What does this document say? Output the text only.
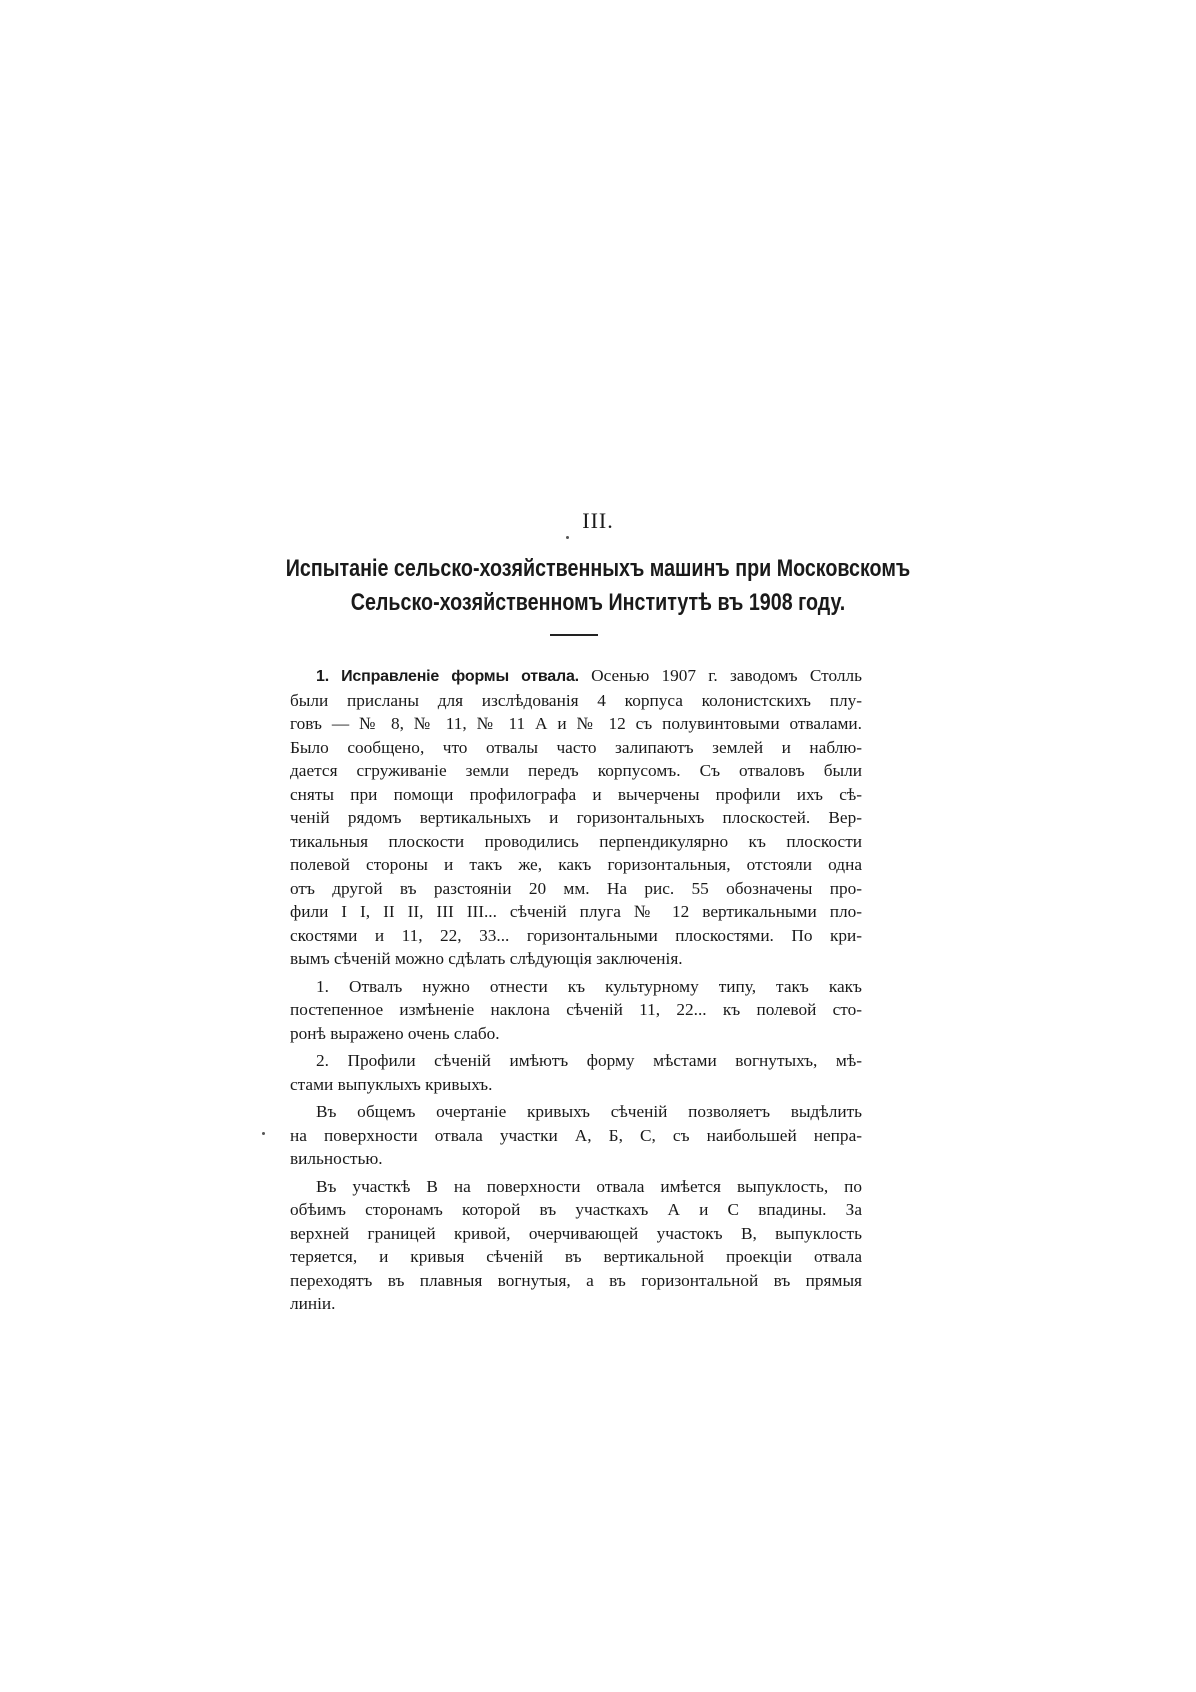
III.
Испытаніе сельско-хозяйственныхъ машинъ при Московскомъ
Сельско-хозяйственномъ Институтѣ въ 1908 году.
1. Исправленіе формы отвала. Осенью 1907 г. заводомъ Столль
были присланы для изслѣдованія 4 корпуса колонистскихъ плу-
говъ — № 8, № 11, № 11 А и № 12 съ полувинтовыми отвалами.
Было сообщено, что отвалы часто залипаютъ землей и наблю-
дается сгруживаніе земли передъ корпусомъ. Съ отваловъ были
сняты при помощи профилографа и вычерчены профили ихъ сѣ-
ченій рядомъ вертикальныхъ и горизонтальныхъ плоскостей. Вер-
тикальныя плоскости проводились перпендикулярно къ плоскости
полевой стороны и такъ же, какъ горизонтальныя, отстояли одна
отъ другой въ разстояніи 20 мм. На рис. 55 обозначены про-
фили I I, II II, III III... сѣченій плуга № 12 вертикальными пло-
скостями и 11, 22, 33... горизонтальными плоскостями. По кри-
вымъ сѣченій можно сдѣлать слѣдующія заключенія.
1. Отвалъ нужно отнести къ культурному типу, такъ какъ
постепенное измѣненіе наклона сѣченій 11, 22... къ полевой сто-
ронѣ выражено очень слабо.
2. Профили сѣченій имѣютъ форму мѣстами вогнутыхъ, мѣ-
стами выпуклыхъ кривыхъ.
Въ общемъ очертаніе кривыхъ сѣченій позволяетъ выдѣлить
на поверхности отвала участки А, Б, С, съ наибольшей непра-
вильностью.
Въ участкѣ В на поверхности отвала имѣется выпуклость, по
обѣимъ сторонамъ которой въ участкахъ А и С впадины. За
верхней границей кривой, очерчивающей участокъ В, выпуклость
теряется, и кривыя сѣченій въ вертикальной проекціи отвала
переходятъ въ плавныя вогнутыя, а въ горизонтальной въ прямыя
линіи.
